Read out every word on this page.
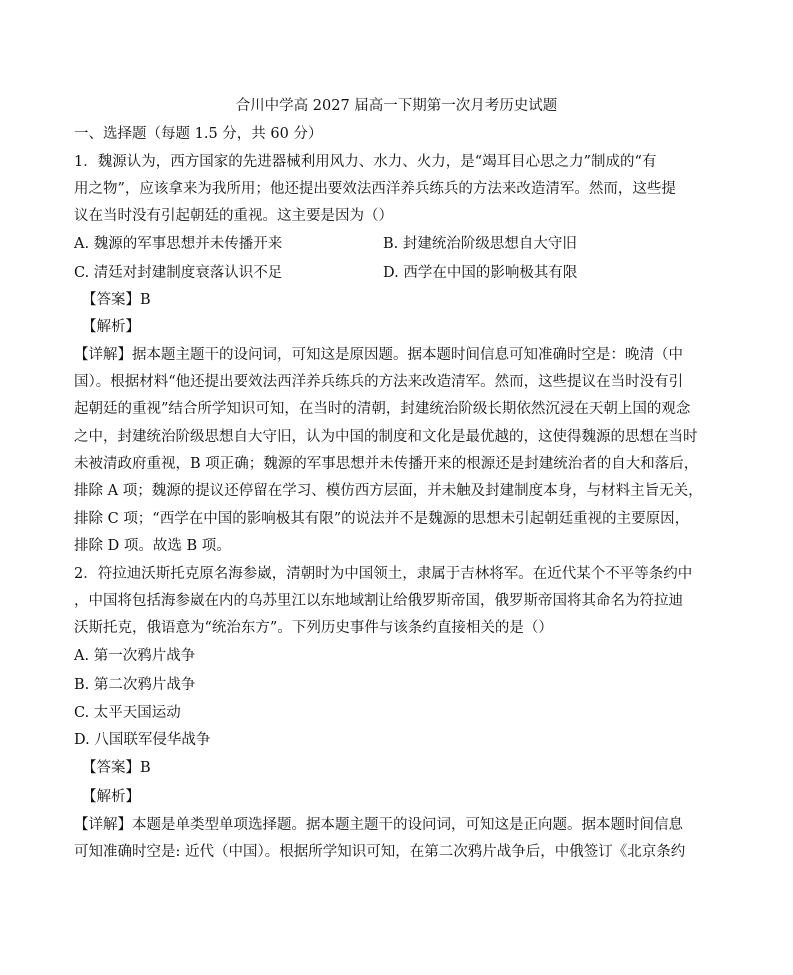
合川中学高 2027 届高一下期第一次月考历史试题
一、选择题（每题 1.5 分，共 60 分）
1．魏源认为，西方国家的先进器械利用风力、水力、火力，是“竭耳目心思之力”制成的“有
用之物”，应该拿来为我所用；他还提出要效法西洋养兵练兵的方法来改造清军。然而，这些提
议在当时没有引起朝廷的重视。这主要是因为（）
A. 魏源的军事思想并未传播开来	B. 封建统治阶级思想自大守旧
C. 清廷对封建制度衰落认识不足	D. 西学在中国的影响极其有限
【答案】B
【解析】
【详解】据本题主题干的设问词，可知这是原因题。据本题时间信息可知准确时空是：晚清（中
国）。根据材料“他还提出要效法西洋养兵练兵的方法来改造清军。然而，这些提议在当时没有引
起朝廷的重视”结合所学知识可知，在当时的清朝，封建统治阶级长期依然沉浸在天朝上国的观念
之中，封建统治阶级思想自大守旧，认为中国的制度和文化是最优越的，这使得魏源的思想在当时
未被清政府重视，B 项正确；魏源的军事思想并未传播开来的根源还是封建统治者的自大和落后，
排除 A 项；魏源的提议还停留在学习、模仿西方层面，并未触及封建制度本身，与材料主旨无关，
排除 C 项；“西学在中国的影响极其有限”的说法并不是魏源的思想未引起朝廷重视的主要原因，
排除 D 项。故选 B 项。
2．符拉迪沃斯托克原名海参崴，清朝时为中国领土，隶属于吉林将军。在近代某个不平等条约中
，中国将包括海参崴在内的乌苏里江以东地域割让给俄罗斯帝国，俄罗斯帝国将其命名为符拉迪
沃斯托克，俄语意为“统治东方”。下列历史事件与该条约直接相关的是（）
A. 第一次鸦片战争
B. 第二次鸦片战争
C. 太平天国运动
D. 八国联军侵华战争
【答案】B
【解析】
【详解】本题是单类型单项选择题。据本题主题干的设问词，可知这是正向题。据本题时间信息
可知准确时空是: 近代（中国）。根据所学知识可知，在第二次鸦片战争后，中俄签订《北京条约
